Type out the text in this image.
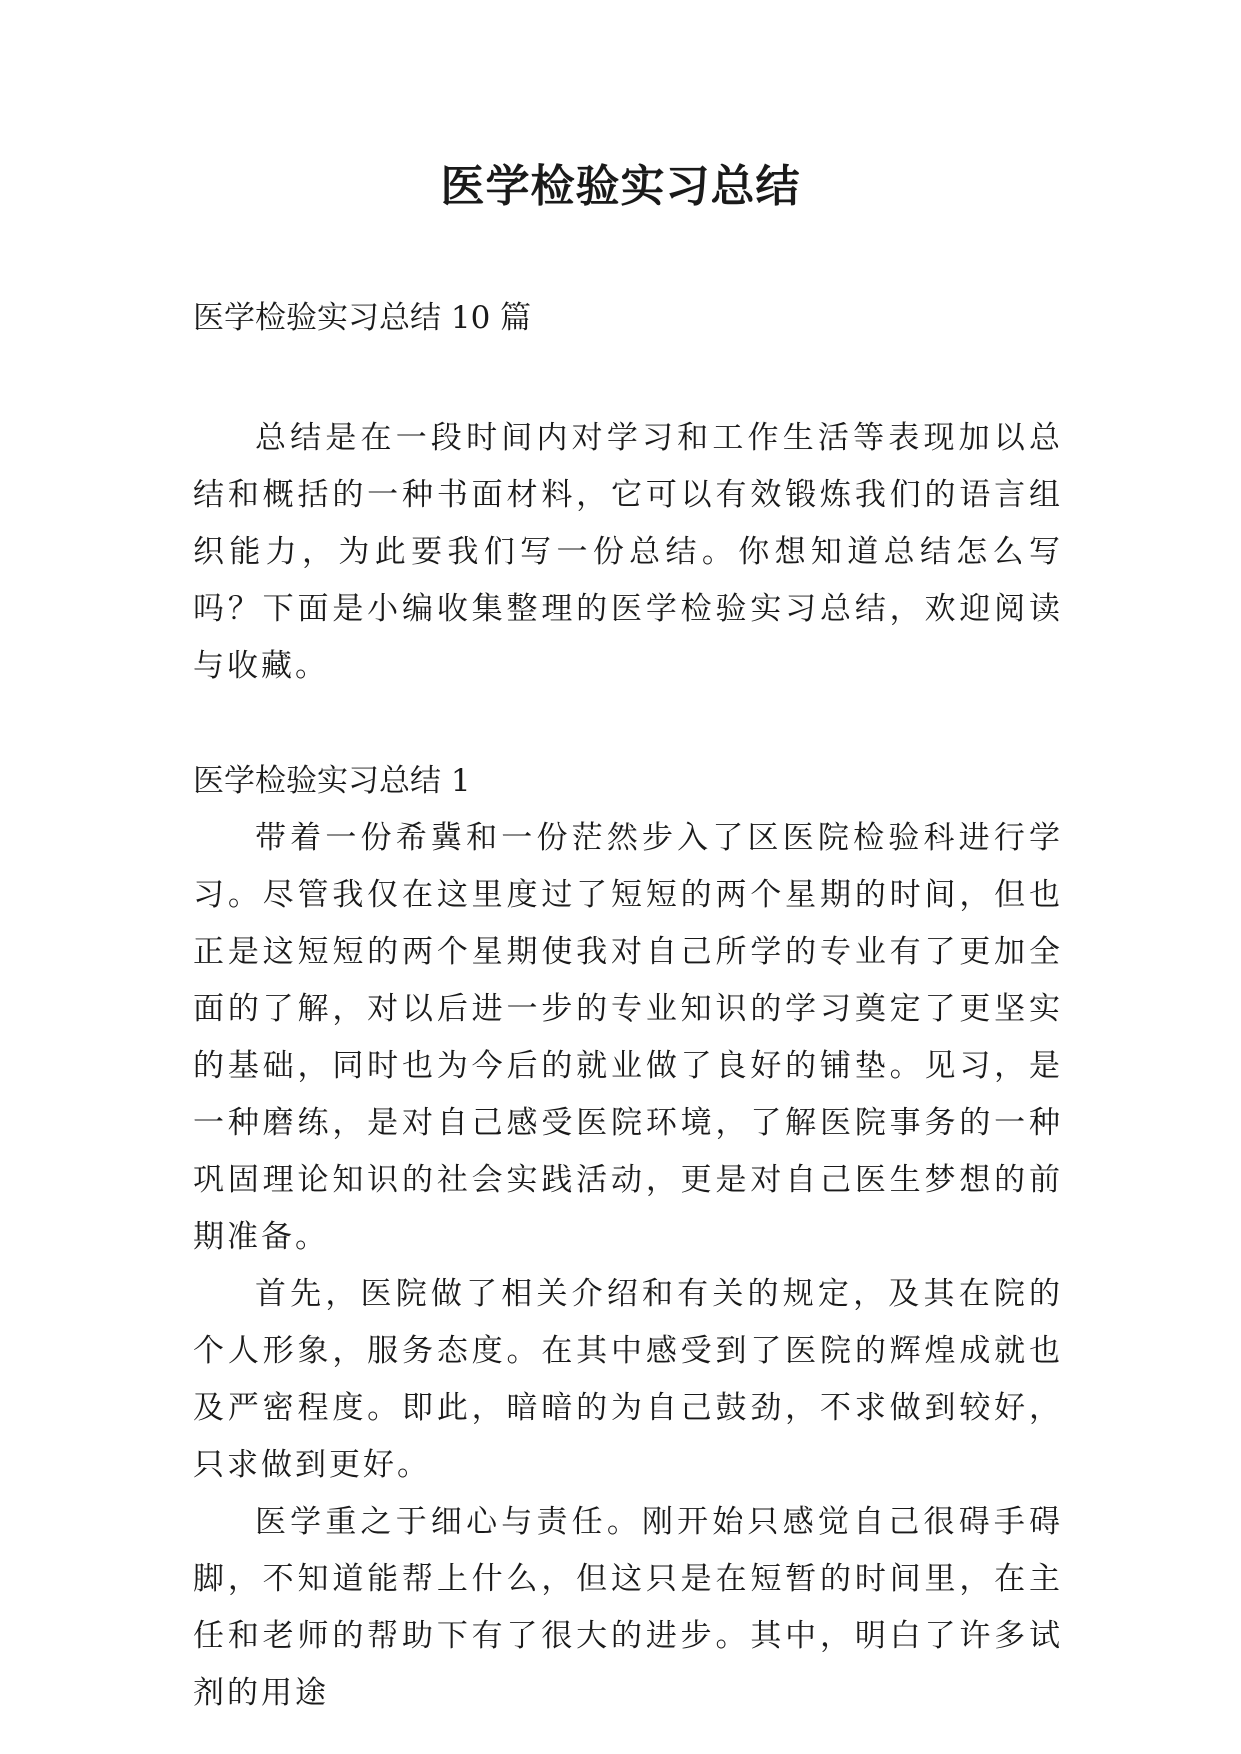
医学检验实习总结

医学检验实习总结 10 篇

总结是在一段时间内对学习和工作生活等表现加以总结和概括的一种书面材料，它可以有效锻炼我们的语言组织能力，为此要我们写一份总结。你想知道总结怎么写吗？下面是小编收集整理的医学检验实习总结，欢迎阅读与收藏。

医学检验实习总结 1

带着一份希冀和一份茫然步入了区医院检验科进行学习。尽管我仅在这里度过了短短的两个星期的时间，但也正是这短短的两个星期使我对自己所学的专业有了更加全面的了解，对以后进一步的专业知识的学习奠定了更坚实的基础，同时也为今后的就业做了良好的铺垫。见习，是一种磨练，是对自己感受医院环境，了解医院事务的一种巩固理论知识的社会实践活动，更是对自己医生梦想的前期准备。

首先，医院做了相关介绍和有关的规定，及其在院的个人形象，服务态度。在其中感受到了医院的辉煌成就也及严密程度。即此，暗暗的为自己鼓劲，不求做到较好，只求做到更好。

医学重之于细心与责任。刚开始只感觉自己很碍手碍脚，不知道能帮上什么，但这只是在短暂的时间里，在主任和老师的帮助下有了很大的进步。其中，明白了许多试剂的用途
